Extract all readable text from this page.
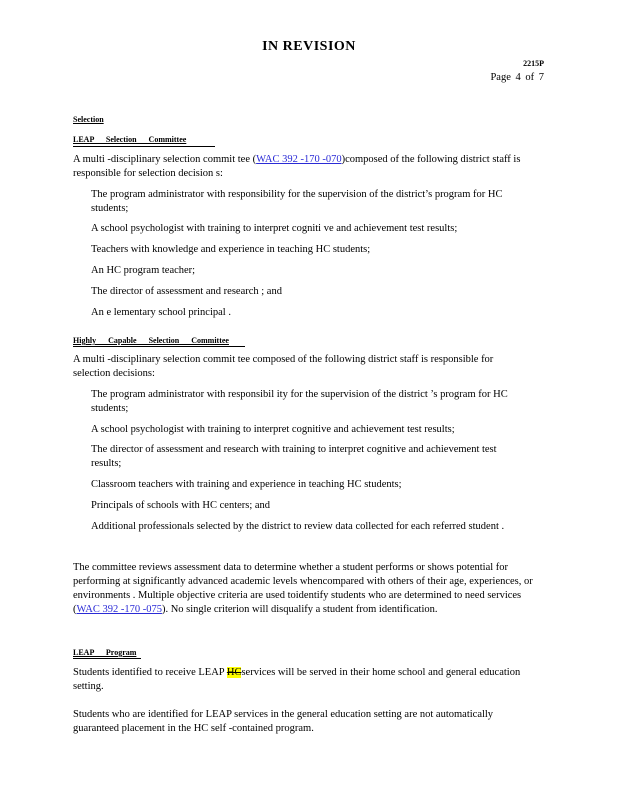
IN REVISION
2215P
Page 4 of 7
Selection
LEAP Selection Committee
A multi -disciplinary selection commit tee (WAC 392 -170 -070)composed of the following district staff is responsible for selection decision s:
The program administrator with responsibility for the supervision of the district’s program for HC students;
A school psychologist with training to interpret cogniti ve and achievement test results;
Teachers with knowledge and experience in teaching HC students;
An HC program teacher;
The director of assessment and research ; and
An e lementary school principal .
Highly Capable Selection Committee
A multi -disciplinary selection commit tee composed of the following district staff is responsible for selection decisions:
The program administrator with responsibil ity for the supervision of the district ’s program for HC students;
A school psychologist with training to interpret cognitive and achievement test results;
The director of assessment and research with training to interpret cognitive and achievement test results;
Classroom teachers with training and experience in teaching HC students;
Principals of schools with HC centers; and
Additional professionals selected by the district to review data collected for each referred student .
The committee reviews assessment data to determine whether a student performs or shows potential for performing at significantly advanced academic levels whencompared with others of their age, experiences, or environments . Multiple objective criteria are used toidentify students who are determined to need services (WAC 392 -170 -075). No single criterion will disqualify a student from identification.
LEAP Program
Students identified to receive LEAP HCservices will be served in their home school and general education setting.
Students who are identified for LEAP services in the general education setting are not automatically guaranteed placement in the HC self -contained program.
